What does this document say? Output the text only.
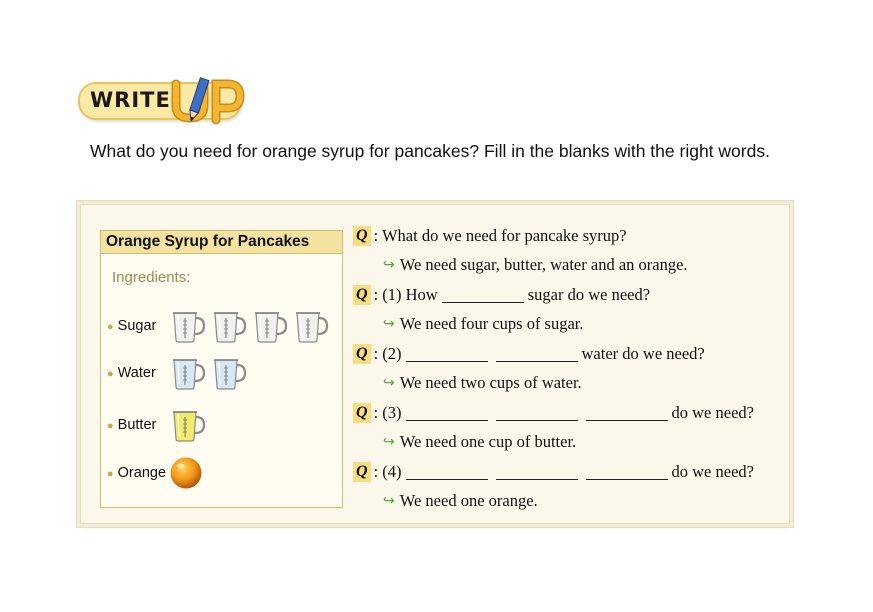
WRITE
UP
What do you need for orange syrup for pancakes? Fill in the blanks with the right words.
Orange Syrup for Pancakes
Ingredients:
● Sugar
● Water
● Butter
● Orange
Q : What do we need for pancake syrup?
↪ We need sugar, butter, water and an orange.
Q : (1) How	sugar do we need?
↪ We need four cups of sugar.
Q : (2)	water do we need?
↪ We need two cups of water.
Q : (3)	do we need?
↪ We need one cup of butter.
Q : (4)	do we need?
↪ We need one orange.
